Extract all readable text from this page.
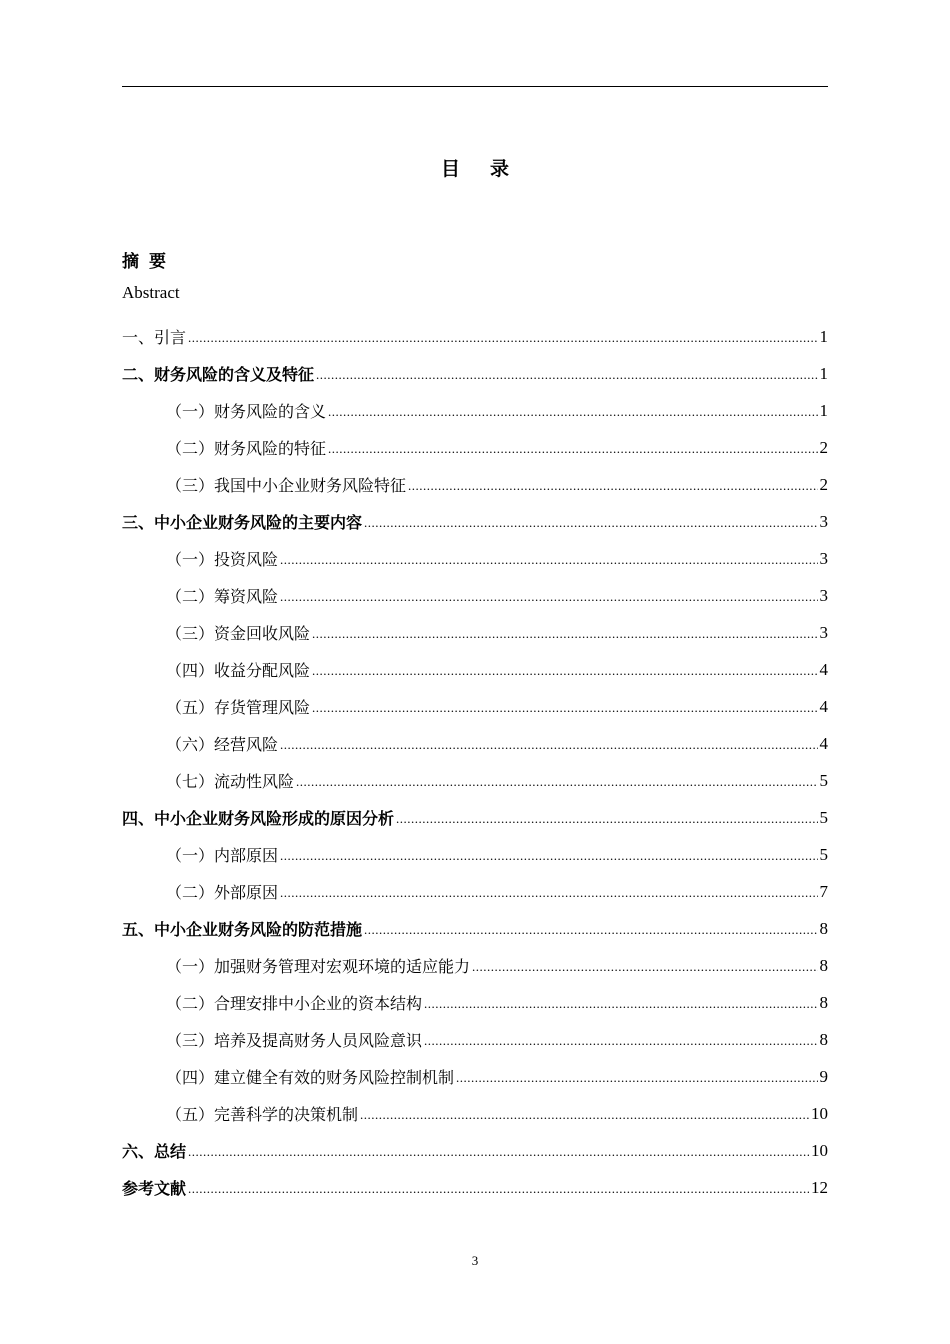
目录
摘要
Abstract
一、引言 .....	1
二、财务风险的含义及特征 .....	1
（一）财务风险的含义 .....	1
（二）财务风险的特征 .....	2
（三）我国中小企业财务风险特征 .....	2
三、中小企业财务风险的主要内容 .....	3
（一）投资风险 .....	3
（二）筹资风险 .....	3
（三）资金回收风险 .....	3
（四）收益分配风险 .....	4
（五）存货管理风险 .....	4
（六）经营风险 .....	4
（七）流动性风险 .....	5
四、中小企业财务风险形成的原因分析 .....	5
（一）内部原因 .....	5
（二）外部原因 .....	7
五、中小企业财务风险的防范措施 .....	8
（一）加强财务管理对宏观环境的适应能力 .....	8
（二）合理安排中小企业的资本结构 .....	8
（三）培养及提高财务人员风险意识 .....	8
（四）建立健全有效的财务风险控制机制 .....	9
（五）完善科学的决策机制 .....	10
六、总结 .....	10
参考文献 .....	12
3
